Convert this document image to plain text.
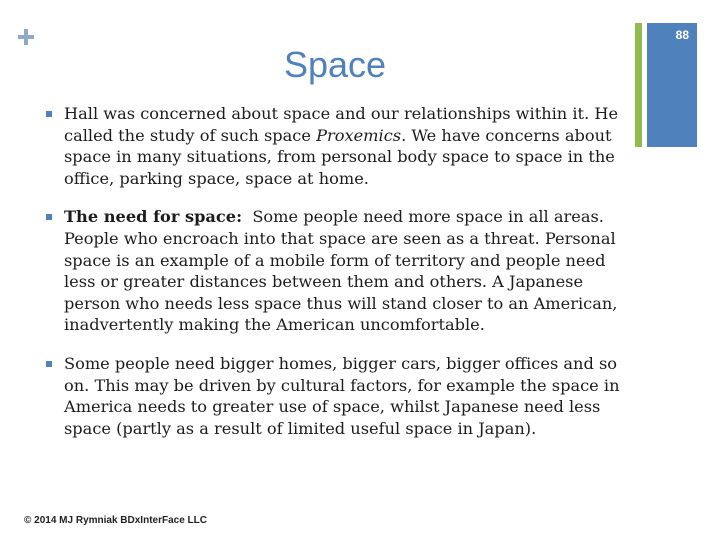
88
Space
Hall was concerned about space and our relationships within it. He called the study of such space Proxemics. We have concerns about space in many situations, from personal body space to space in the office, parking space, space at home.
The need for space:  Some people need more space in all areas. People who encroach into that space are seen as a threat. Personal space is an example of a mobile form of territory and people need less or greater distances between them and others. A Japanese person who needs less space thus will stand closer to an American, inadvertently making the American uncomfortable.
Some people need bigger homes, bigger cars, bigger offices and so on. This may be driven by cultural factors, for example the space in America needs to greater use of space, whilst Japanese need less space (partly as a result of limited useful space in Japan).
© 2014 MJ Rymniak BDxInterFace LLC
